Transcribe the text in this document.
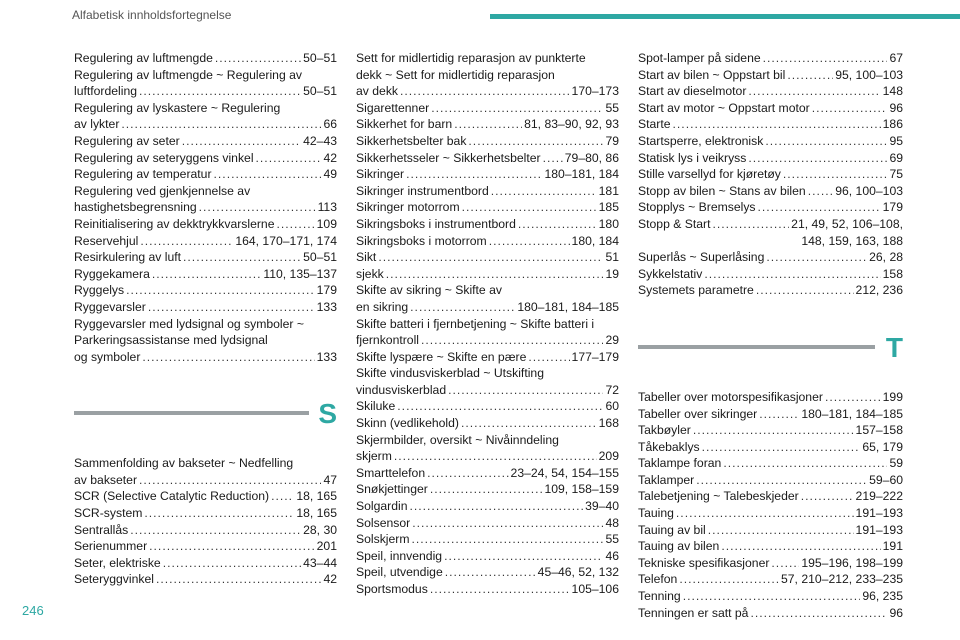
Alfabetisk innholdsfortegnelse
Regulering av luftmengde .....	50–51
Regulering av luftmengde ~ Regulering av
luftfordeling .....	50–51
Regulering av lyskastere ~ Regulering
av lykter .....	66
Regulering av seter .....	42–43
Regulering av seteryggens vinkel .....	42
Regulering av temperatur .....	49
Regulering ved gjenkjennelse av
hastighetsbegrensning .....	113
Reinitialisering av dekktrykkvarslerne .....	109
Reservehjul .....	164, 170–171, 174
Resirkulering av luft .....	50–51
Ryggekamera .....	110, 135–137
Ryggelys .....	179
Ryggevarsler .....	133
Ryggevarsler med lydsignal og symboler ~
Parkeringsassistanse med lydsignal
og symboler .....	133
S
Sammenfolding av bakseter ~ Nedfelling
av bakseter .....	47
SCR (Selective Catalytic Reduction) ..... 18, 165
SCR-system .....	18, 165
Sentrallås .....	28, 30
Serienummer .....	201
Seter, elektriske .....	43–44
Seteryggvinkel .....	42
Sett for midlertidig reparasjon av punkterte
dekk ~ Sett for midlertidig reparasjon
av dekk .....	170–173
Sigarettenner .....	55
Sikkerhet for barn .....	81, 83–90, 92, 93
Sikkerhetsbelter bak .....	79
Sikkerhetsseler ~ Sikkerhetsbelter ..... 79–80, 86
Sikringer .....	180–181, 184
Sikringer instrumentbord .....	181
Sikringer motorrom .....	185
Sikringsboks i instrumentbord .....	180
Sikringsboks i motorrom .....	180, 184
Sikt .....	51
sjekk .....	19
Skifte av sikring ~ Skifte av
en sikring .....	180–181, 184–185
Skifte batteri i fjernbetjening ~ Skifte batteri i
fjernkontroll .....	29
Skifte lyspære ~ Skifte en pære .....	177–179
Skifte vindusviskerblad ~ Utskifting
vindusviskerblad .....	72
Skiluke .....	60
Skinn (vedlikehold) .....	168
Skjermbilder, oversikt ~ Nivåinndeling
skjerm .....	209
Smarttelefon .....	23–24, 54, 154–155
Snøkjettinger .....	109, 158–159
Solgardin .....	39–40
Solsensor .....	48
Solskjerm .....	55
Speil, innvendig .....	46
Speil, utvendige .....	45–46, 52, 132
Sportsmodus .....	105–106
Spot-lamper på sidene .....	67
Start av bilen ~ Oppstart bil .....	95, 100–103
Start av dieselmotor .....	148
Start av motor ~ Oppstart motor .....	96
Starte .....	186
Startsperre, elektronisk .....	95
Statisk lys i veikryss .....	69
Stille varsellyd for kjøretøy .....	75
Stopp av bilen ~ Stans av bilen ..... 96, 100–103
Stopplys ~ Bremselys .....	179
Stopp & Start .....	21, 49, 52, 106–108,
148, 159, 163, 188
Superlås ~ Superlåsing .....	26, 28
Sykkelstativ .....	158
Systemets parametre .....	212, 236
T
Tabeller over motorspesifikasjoner .....	199
Tabeller over sikringer .....	180–181, 184–185
Takbøyler .....	157–158
Tåkebaklys .....	65, 179
Taklampe foran .....	59
Taklamper .....	59–60
Talebetjening ~ Talebeskjeder .....	219–222
Tauing .....	191–193
Tauing av bil .....	191–193
Tauing av bilen .....	191
Tekniske spesifikasjoner .....	195–196, 198–199
Telefon .....	57, 210–212, 233–235
Tenning .....	96, 235
Tenningen er satt på .....	96
246
